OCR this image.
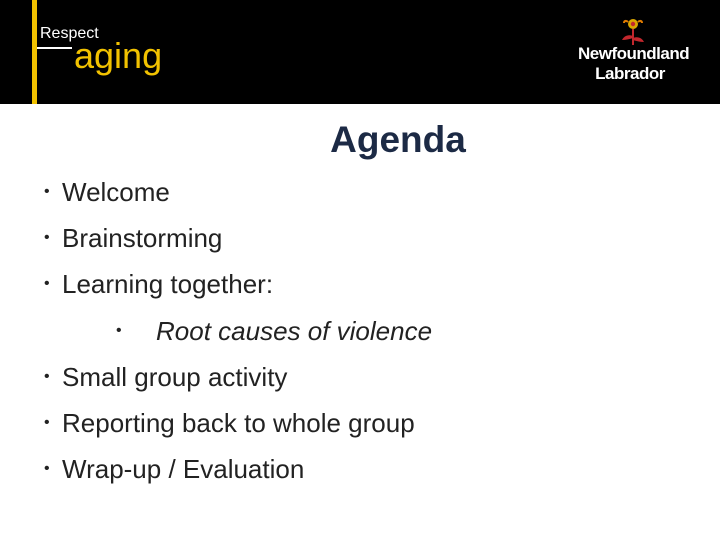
Respect
aging	Newfoundland
Labrador
Agenda
• Welcome
• Brainstorming
• Learning together:
• Root causes of violence
• Small group activity
• Reporting back to whole group
• Wrap-up / Evaluation
